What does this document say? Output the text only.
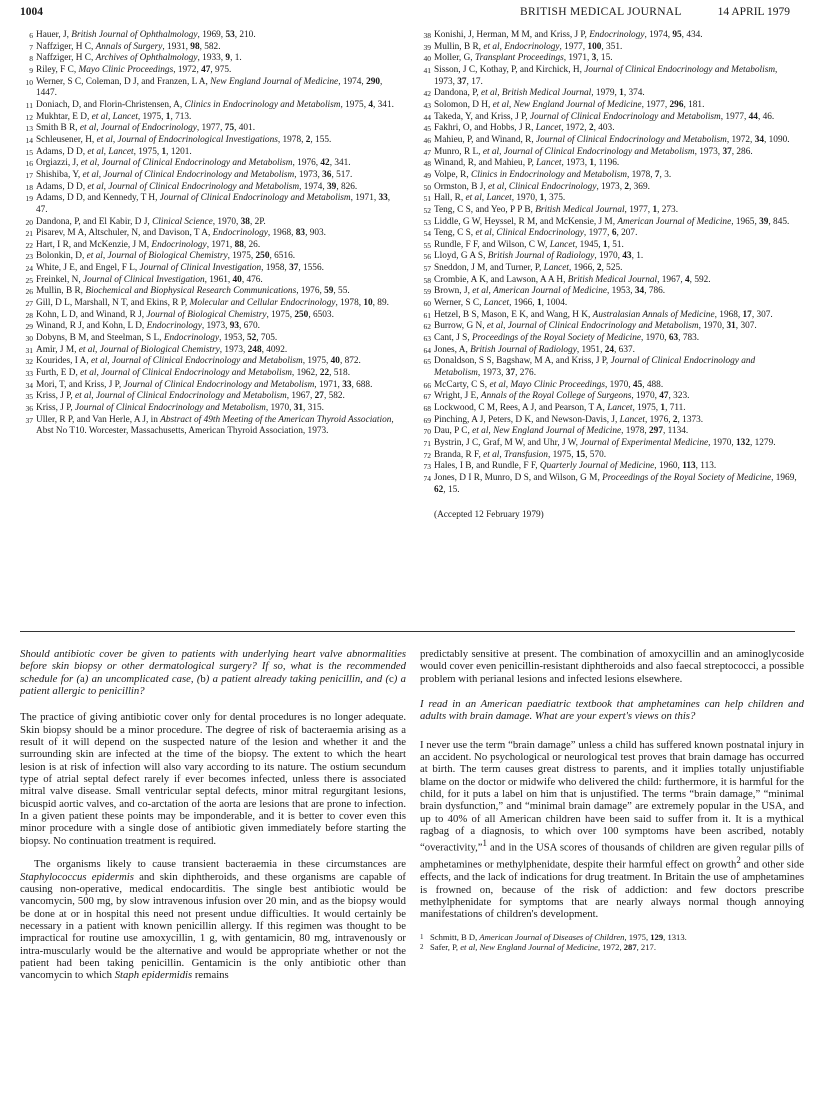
1004	BRITISH MEDICAL JOURNAL	14 APRIL 1979
6 Hauer, J, British Journal of Ophthalmology, 1969, 53, 210.
7 Naffziger, H C, Annals of Surgery, 1931, 98, 582.
8 Naffziger, H C, Archives of Ophthalmology, 1933, 9, 1.
9 Riley, F C, Mayo Clinic Proceedings, 1972, 47, 975.
10 Werner, S C, Coleman, D J, and Franzen, L A, New England Journal of Medicine, 1974, 290, 1447.
11 Doniach, D, and Florin-Christensen, A, Clinics in Endocrinology and Metabolism, 1975, 4, 341.
12 Mukhtar, E D, et al, Lancet, 1975, 1, 713.
13 Smith B R, et al, Journal of Endocrinology, 1977, 75, 401.
14 Schleusener, H, et al, Journal of Endocrinological Investigations, 1978, 2, 155.
15 Adams, D D, et al, Lancet, 1975, 1, 1201.
16 Orgiazzi, J, et al, Journal of Clinical Endocrinology and Metabolism, 1976, 42, 341.
17 Shishiba, Y, et al, Journal of Clinical Endocrinology and Metabolism, 1973, 36, 517.
18 Adams, D D, et al, Journal of Clinical Endocrinology and Metabolism, 1974, 39, 826.
19 Adams, D D, and Kennedy, T H, Journal of Clinical Endocrinology and Metabolism, 1971, 33, 47.
20 Dandona, P, and El Kabir, D J, Clinical Science, 1970, 38, 2P.
21 Pisarev, M A, Altschuler, N, and Davison, T A, Endocrinology, 1968, 83, 903.
22 Hart, I R, and McKenzie, J M, Endocrinology, 1971, 88, 26.
23 Bolonkin, D, et al, Journal of Biological Chemistry, 1975, 250, 6516.
24 White, J E, and Engel, F L, Journal of Clinical Investigation, 1958, 37, 1556.
25 Freinkel, N, Journal of Clinical Investigation, 1961, 40, 476.
26 Mullin, B R, Biochemical and Biophysical Research Communications, 1976, 59, 55.
27 Gill, D L, Marshall, N T, and Ekins, R P, Molecular and Cellular Endocrinology, 1978, 10, 89.
28 Kohn, L D, and Winand, R J, Journal of Biological Chemistry, 1975, 250, 6503.
29 Winand, R J, and Kohn, L D, Endocrinology, 1973, 93, 670.
30 Dobyns, B M, and Steelman, S L, Endocrinology, 1953, 52, 705.
31 Amir, J M, et al, Journal of Biological Chemistry, 1973, 248, 4092.
32 Kourides, I A, et al, Journal of Clinical Endocrinology and Metabolism, 1975, 40, 872.
33 Furth, E D, et al, Journal of Clinical Endocrinology and Metabolism, 1962, 22, 518.
34 Mori, T, and Kriss, J P, Journal of Clinical Endocrinology and Metabolism, 1971, 33, 688.
35 Kriss, J P, et al, Journal of Clinical Endocrinology and Metabolism, 1967, 27, 582.
36 Kriss, J P, Journal of Clinical Endocrinology and Metabolism, 1970, 31, 315.
37 Uller, R P, and Van Herle, A J, in Abstract of 49th Meeting of the American Thyroid Association, Abst No T10. Worcester, Massachusetts, American Thyroid Association, 1973.
38 Konishi, J, Herman, M M, and Kriss, J P, Endocrinology, 1974, 95, 434.
39 Mullin, B R, et al, Endocrinology, 1977, 100, 351.
40 Moller, G, Transplant Proceedings, 1971, 3, 15.
41 Sisson, J C, Kothay, P, and Kirchick, H, Journal of Clinical Endocrinology and Metabolism, 1973, 37, 17.
42 Dandona, P, et al, British Medical Journal, 1979, 1, 374.
43 Solomon, D H, et al, New England Journal of Medicine, 1977, 296, 181.
44 Takeda, Y, and Kriss, J P, Journal of Clinical Endocrinology and Metabolism, 1977, 44, 46.
45 Fakhri, O, and Hobbs, J R, Lancet, 1972, 2, 403.
46 Mahieu, P, and Winand, R, Journal of Clinical Endocrinology and Metabolism, 1972, 34, 1090.
47 Munro, R L, et al, Journal of Clinical Endocrinology and Metabolism, 1973, 37, 286.
48 Winand, R, and Mahieu, P, Lancet, 1973, 1, 1196.
49 Volpe, R, Clinics in Endocrinology and Metabolism, 1978, 7, 3.
50 Ormston, B J, et al, Clinical Endocrinology, 1973, 2, 369.
51 Hall, R, et al, Lancet, 1970, 1, 375.
52 Teng, C S, and Yeo, P P B, British Medical Journal, 1977, 1, 273.
53 Liddle, G W, Heyssel, R M, and McKensie, J M, American Journal of Medicine, 1965, 39, 845.
54 Teng, C S, et al, Clinical Endocrinology, 1977, 6, 207.
55 Rundle, F F, and Wilson, C W, Lancet, 1945, 1, 51.
56 Lloyd, G A S, British Journal of Radiology, 1970, 43, 1.
57 Sneddon, J M, and Turner, P, Lancet, 1966, 2, 525.
58 Crombie, A K, and Lawson, A A H, British Medical Journal, 1967, 4, 592.
59 Brown, J, et al, American Journal of Medicine, 1953, 34, 786.
60 Werner, S C, Lancet, 1966, 1, 1004.
61 Hetzel, B S, Mason, E K, and Wang, H K, Australasian Annals of Medicine, 1968, 17, 307.
62 Burrow, G N, et al, Journal of Clinical Endocrinology and Metabolism, 1970, 31, 307.
63 Cant, J S, Proceedings of the Royal Society of Medicine, 1970, 63, 783.
64 Jones, A, British Journal of Radiology, 1951, 24, 637.
65 Donaldson, S S, Bagshaw, M A, and Kriss, J P, Journal of Clinical Endocrinology and Metabolism, 1973, 37, 276.
66 McCarty, C S, et al, Mayo Clinic Proceedings, 1970, 45, 488.
67 Wright, J E, Annals of the Royal College of Surgeons, 1970, 47, 323.
68 Lockwood, C M, Rees, A J, and Pearson, T A, Lancet, 1975, 1, 711.
69 Pinching, A J, Peters, D K, and Newson-Davis, J, Lancet, 1976, 2, 1373.
70 Dau, P C, et al, New England Journal of Medicine, 1978, 297, 1134.
71 Bystrin, J C, Graf, M W, and Uhr, J W, Journal of Experimental Medicine, 1970, 132, 1279.
72 Branda, R F, et al, Transfusion, 1975, 15, 570.
73 Hales, I B, and Rundle, F F, Quarterly Journal of Medicine, 1960, 113, 113.
74 Jones, D I R, Munro, D S, and Wilson, G M, Proceedings of the Royal Society of Medicine, 1969, 62, 15.
(Accepted 12 February 1979)
Should antibiotic cover be given to patients with underlying heart valve abnormalities before skin biopsy or other dermatological surgery? If so, what is the recommended schedule for (a) an uncomplicated case, (b) a patient already taking penicillin, and (c) a patient allergic to penicillin?
The practice of giving antibiotic cover only for dental procedures is no longer adequate. Skin biopsy should be a minor procedure. The degree of risk of bacteraemia arising as a result of it will depend on the suspected nature of the lesion and whether it and the surrounding skin are infected at the time of the biopsy. The extent to which the heart lesion is at risk of infection will also vary according to its nature. The ostium secundum type of atrial septal defect rarely if ever becomes infected, unless there is associated mitral valve disease. Small ventricular septal defects, minor mitral regurgitant lesions, bicuspid aortic valves, and co-arctation of the aorta are lesions that are prone to infection. In a given patient these points may be imponderable, and it is better to cover even this minor procedure with a single dose of antibiotic given immediately before starting the biopsy. No continuation treatment is required.
The organisms likely to cause transient bacteraemia in these circumstances are Staphylococcus epidermis and skin diphtheroids, and these organisms are capable of causing non-operative, medical endocarditis. The single best antibiotic would be vancomycin, 500 mg, by slow intravenous infusion over 20 min, and as the biopsy would be done at or in hospital this need not present undue difficulties. It would certainly be necessary in a patient with known penicillin allergy. If this regimen was thought to be impractical for routine use amoxycillin, 1 g, with gentamicin, 80 mg, intravenously or intra-muscularly would be the alternative and would be appropriate whether or not the patient had been taking penicillin. Gentamicin is the only antibiotic other than vancomycin to which Staph epidermidis remains
predictably sensitive at present. The combination of amoxycillin and an aminoglycoside would cover even penicillin-resistant diphtheroids and also faecal streptococci, a possible problem with perianal lesions and infected lesions elsewhere.
I read in an American paediatric textbook that amphetamines can help children and adults with brain damage. What are your expert's views on this?
I never use the term “brain damage” unless a child has suffered known postnatal injury in an accident. No psychological or neurological test proves that brain damage has occurred at birth. The term causes great distress to parents, and it implies totally unjustifiable blame on the doctor or midwife who delivered the child: furthermore, it is harmful for the child, for it puts a label on him that is unjustified. The terms “brain damage,” “minimal brain dysfunction,” and “minimal brain damage” are extremely popular in the USA, and up to 40% of all American children have been said to suffer from it. It is a mythical ragbag of a diagnosis, to which over 100 symptoms have been ascribed, notably “overactivity,”$^1$ and in the USA scores of thousands of children are given regular pills of amphetamines or methylphenidate, despite their harmful effect on growth$^2$ and other side effects, and the lack of indications for drug treatment. In Britain the use of amphetamines is frowned on, because of the risk of addiction: and few doctors prescribe methylphenidate for symptoms that are nearly always normal though annoying manifestations of children's development.
1 Schmitt, B D, American Journal of Diseases of Children, 1975, 129, 1313.
2 Safer, P, et al, New England Journal of Medicine, 1972, 287, 217.
